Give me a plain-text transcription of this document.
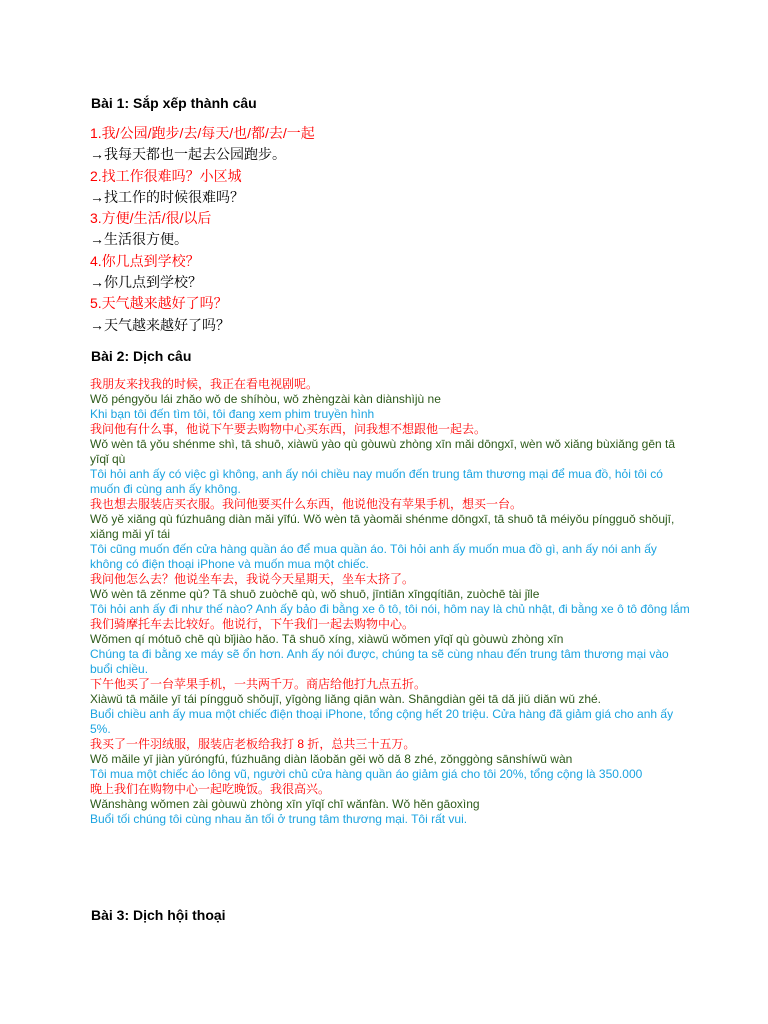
Bài 1: Sắp xếp thành câu
1.我/公园/跑步/去/每天/也/都/去/一起
→我每天都也一起去公园跑步。
2.找工作很难吗？小区城
→找工作的时候很难吗？
3.方便/生活/很/以后
→生活很方便。
4.你几点到学校？
→你几点到学校？
5.天气越来越好了吗？
→天气越来越好了吗？
Bài 2: Dịch câu

我朋友来找我的时候，我正在看电视剧呢。

Wǒ péngyǒu lái zhǎo wǒ de shíhòu, wǒ zhèngzài kàn diànshìjù ne

Khi bạn tôi đến tìm tôi, tôi đang xem phim truyền hình

我问他有什么事，他说下午要去购物中心买东西，问我想不想跟他一起去。

Wǒ wèn tā yǒu shénme shì, tā shuō, xiàwǔ yào qù gòuwù zhòng xīn mǎi dōngxī, wèn wǒ xiǎng bùxiǎng gēn tā yīqǐ qù

Tôi hỏi anh ấy có việc gì không, anh ấy nói chiều nay muốn đến trung tâm thương mại để mua đồ, hỏi tôi có muốn đi cùng anh ấy không.

我也想去服装店买衣服。我问他要买什么东西，他说他没有苹果手机，想买一台。

Wǒ yě xiǎng qù fúzhuāng diàn mǎi yīfú. Wǒ wèn tā yàomǎi shénme dōngxī, tā shuō tā méiyǒu píngguǒ shǒujī, xiǎng mǎi yī tái

Tôi cũng muốn đến cửa hàng quần áo để mua quần áo. Tôi hỏi anh ấy muốn mua đồ gì, anh ấy nói anh ấy không có điện thoại iPhone và muốn mua một chiếc.

我问他怎么去？他说坐车去，我说今天星期天，坐车太挤了。

Wǒ wèn tā zěnme qù? Tā shuō zuòchē qù, wǒ shuō, jīntiān xīngqítiān, zuòchē tài jǐle

Tôi hỏi anh ấy đi như thế nào? Anh ấy bảo đi bằng xe ô tô, tôi nói, hôm nay là chủ nhật, đi bằng xe ô tô đông lắm

我们骑摩托车去比较好。他说行，下午我们一起去购物中心。

Wǒmen qí mótuō chē qù bǐjiào hǎo. Tā shuō xíng, xiàwǔ wǒmen yīqǐ qù gòuwù zhòng xīn

Chúng ta đi bằng xe máy sẽ ổn hơn. Anh ấy nói được, chúng ta sẽ cùng nhau đến trung tâm thương mại vào buổi chiều.

下午他买了一台苹果手机，一共两千万。商店给他打九点五折。

Xiàwǔ tā mǎile yī tái píngguǒ shǒujī, yīgòng liǎng qiān wàn. Shāngdiàn gěi tā dǎ jiǔ diǎn wǔ zhé.

Buổi chiều anh ấy mua một chiếc điện thoại iPhone, tổng cộng hết 20 triệu. Cửa hàng đã giảm giá cho anh ấy 5%.

我买了一件羽绒服，服装店老板给我打 8 折，总共三十五万。

Wǒ mǎile yī jiàn yǔróngfú, fúzhuāng diàn lǎobǎn gěi wǒ dǎ 8 zhé, zǒnggòng sānshíwǔ wàn

Tôi mua một chiếc áo lông vũ, người chủ cửa hàng quần áo giảm giá cho tôi 20%, tổng cộng là 350.000

晚上我们在购物中心一起吃晚饭。我很高兴。

Wǎnshàng wǒmen zài gòuwù zhòng xīn yīqǐ chī wǎnfàn. Wǒ hěn gāoxìng

Buổi tối chúng tôi cùng nhau ăn tối ở trung tâm thương mại. Tôi rất vui.

Bài 3: Dịch hội thoại
